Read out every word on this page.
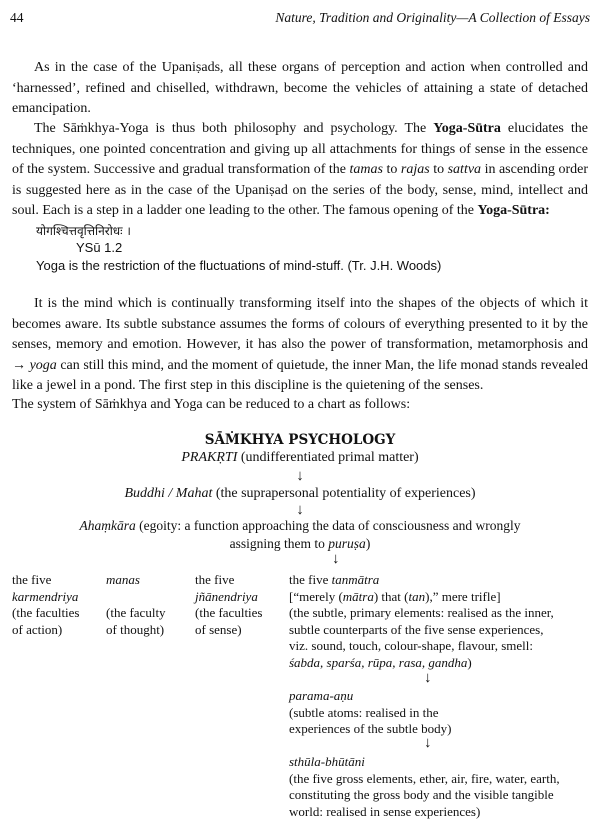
44	Nature, Tradition and Originality—A Collection of Essays
As in the case of the Upaniṣads, all these organs of perception and action when controlled and ‘harnessed’, refined and chiselled, withdrawn, become the vehicles of attaining a state of detached emancipation.
The Sāṁkhya-Yoga is thus both philosophy and psychology. The Yoga-Sūtra elucidates the techniques, one pointed concentration and giving up all attachments for things of sense in the essence of the system. Successive and gradual transformation of the tamas to rajas to sattva in ascending order is suggested here as in the case of the Upaniṣad on the series of the body, sense, mind, intellect and soul. Each is a step in a ladder one leading to the other. The famous opening of the Yoga-Sūtra:
योगश्चित्तवृत्तिनिरोधः ।
YSū 1.2
Yoga is the restriction of the fluctuations of mind-stuff. (Tr. J.H. Woods)
It is the mind which is continually transforming itself into the shapes of the objects of which it becomes aware. Its subtle substance assumes the forms of colours of everything presented to it by the senses, memory and emotion. However, it has also the power of transformation, metamorphosis and → yoga can still this mind, and the moment of quietude, the inner Man, the life monad stands revealed like a jewel in a pond. The first step in this discipline is the quietening of the senses.
The system of Sāṁkhya and Yoga can be reduced to a chart as follows:
SĀṀKHYA PSYCHOLOGY
PRAKṚTI (undifferentiated primal matter)
↓
Buddhi / Mahat (the suprapersonal potentiality of experiences)
↓
Ahaṃkāra (egoity: a function approaching the data of consciousness and wrongly
assigning them to puruṣa)
↓
the five
karmendriya
(the faculties
of action)
manas
(the faculty
of thought)
the five
jñānendriya
(the faculties
of sense)
the five tanmātra
[“merely (mātra) that (tan),” mere trifle]
(the subtle, primary elements: realised as the inner,
subtle counterparts of the five sense experiences,
viz. sound, touch, colour-shape, flavour, smell:
śabda, sparśa, rūpa, rasa, gandha)
↓
parama-aṇu
(subtle atoms: realised in the
experiences of the subtle body)
↓
sthūla-bhūtāni
(the five gross elements, ether, air, fire, water, earth,
constituting the gross body and the visible tangible
world: realised in sense experiences)
